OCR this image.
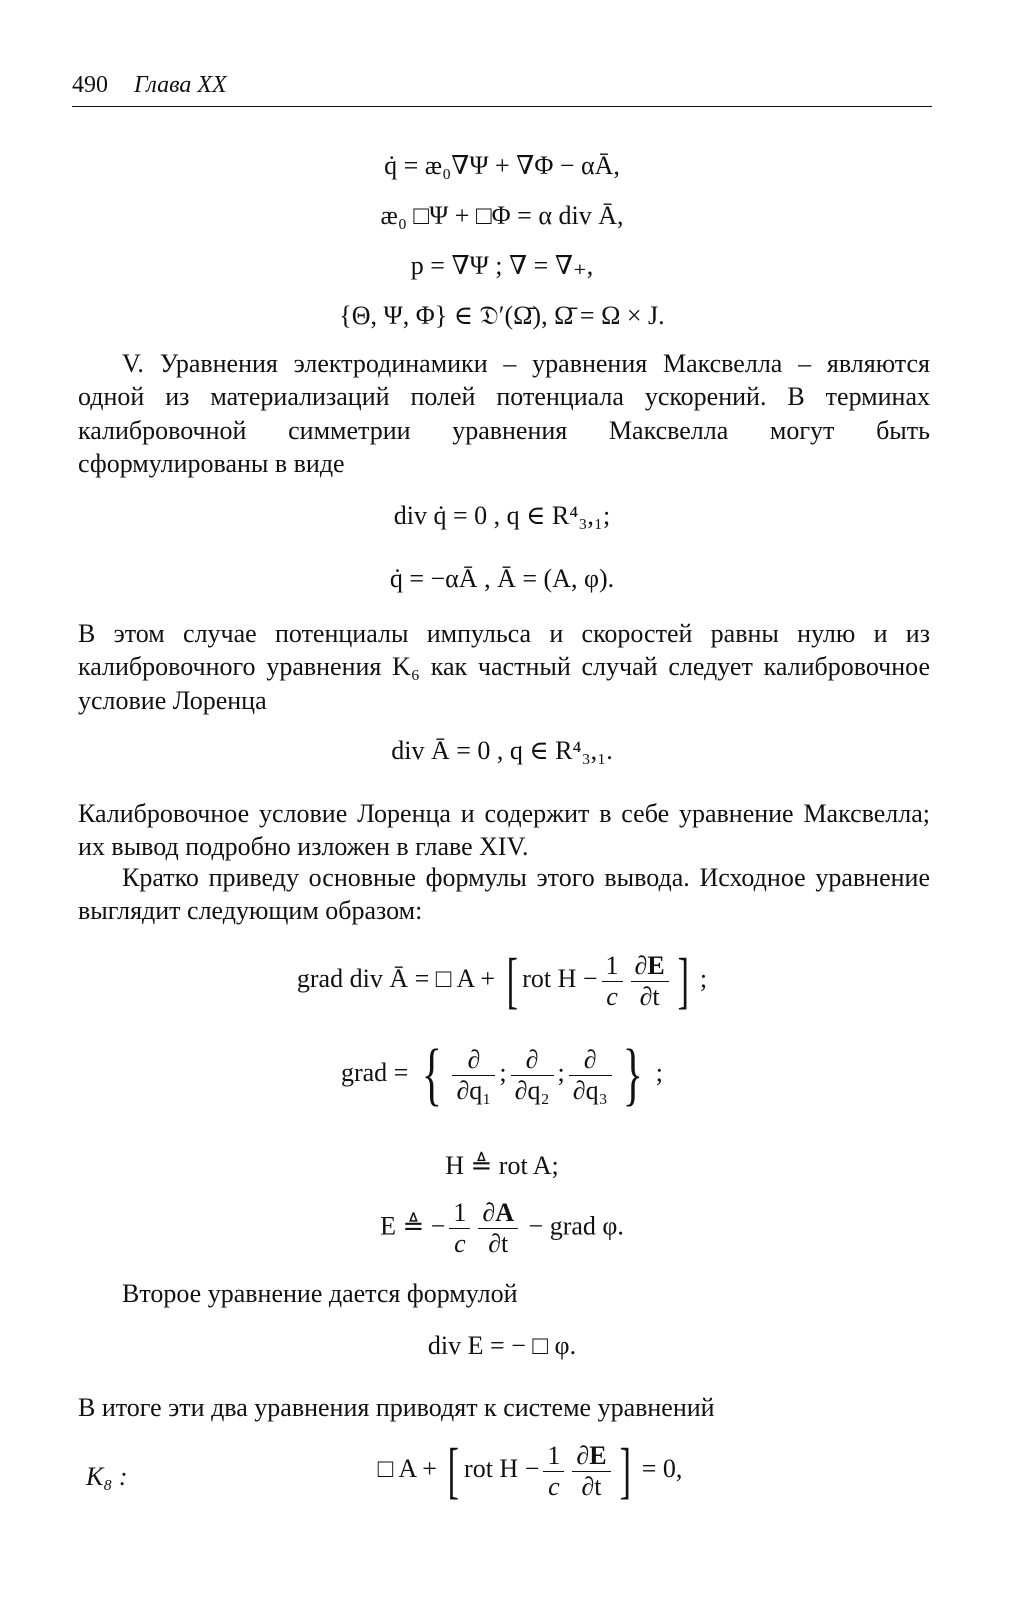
490 Глава XX
q̇ = æ₀∇Ψ + ∇Φ − αĀ,
æ₀ □Ψ + □Φ = α div Ā,
p = ∇Ψ ; ∇ = ∇₊,
{Θ, Ψ, Φ} ∈ 𝔇′(Ω̄), Ω̄ = Ω × J.

V. Уравнения электродинамики – уравнения Максвелла – являются одной из материализаций полей потенциала ускорений. В терминах калибровочной симметрии уравнения Максвелла могут быть сформулированы в виде

div q̇ = 0 , q ∈ R⁴₃,₁;
q̇ = −αĀ , Ā = (A, φ).

В этом случае потенциалы импульса и скоростей равны нулю и из калибровочного уравнения K₆ как частный случай следует калибровочное условие Лоренца

div Ā = 0 , q ∈ R⁴₃,₁.

Калибровочное условие Лоренца и содержит в себе уравнение Максвелла; их вывод подробно изложен в главе XIV.

Кратко приведу основные формулы этого вывода. Исходное уравнение выглядит следующим образом:

grad div Ā = □ A + [ rot $H - \frac{1}{c} \frac{\partial E}{\partial t}$ ] ;
grad = { $\frac{\partial}{\text{∂q₁}}$ ; $\frac{\partial}{\text{∂q₂}}$ ; $\frac{\partial}{\text{∂q₃}}$ } ;
H ≜ rot A;
E ≜ − $\frac{1}{c} \frac{\partial A}{\partial t}$ − grad φ.

Второе уравнение дается формулой

div E = − □ φ.

В итоге эти два уравнения приводят к системе уравнений

K₈ :	□ A + [ rot $H - \frac{1}{c} \frac{\partial E}{\partial t}$ ] = 0,
